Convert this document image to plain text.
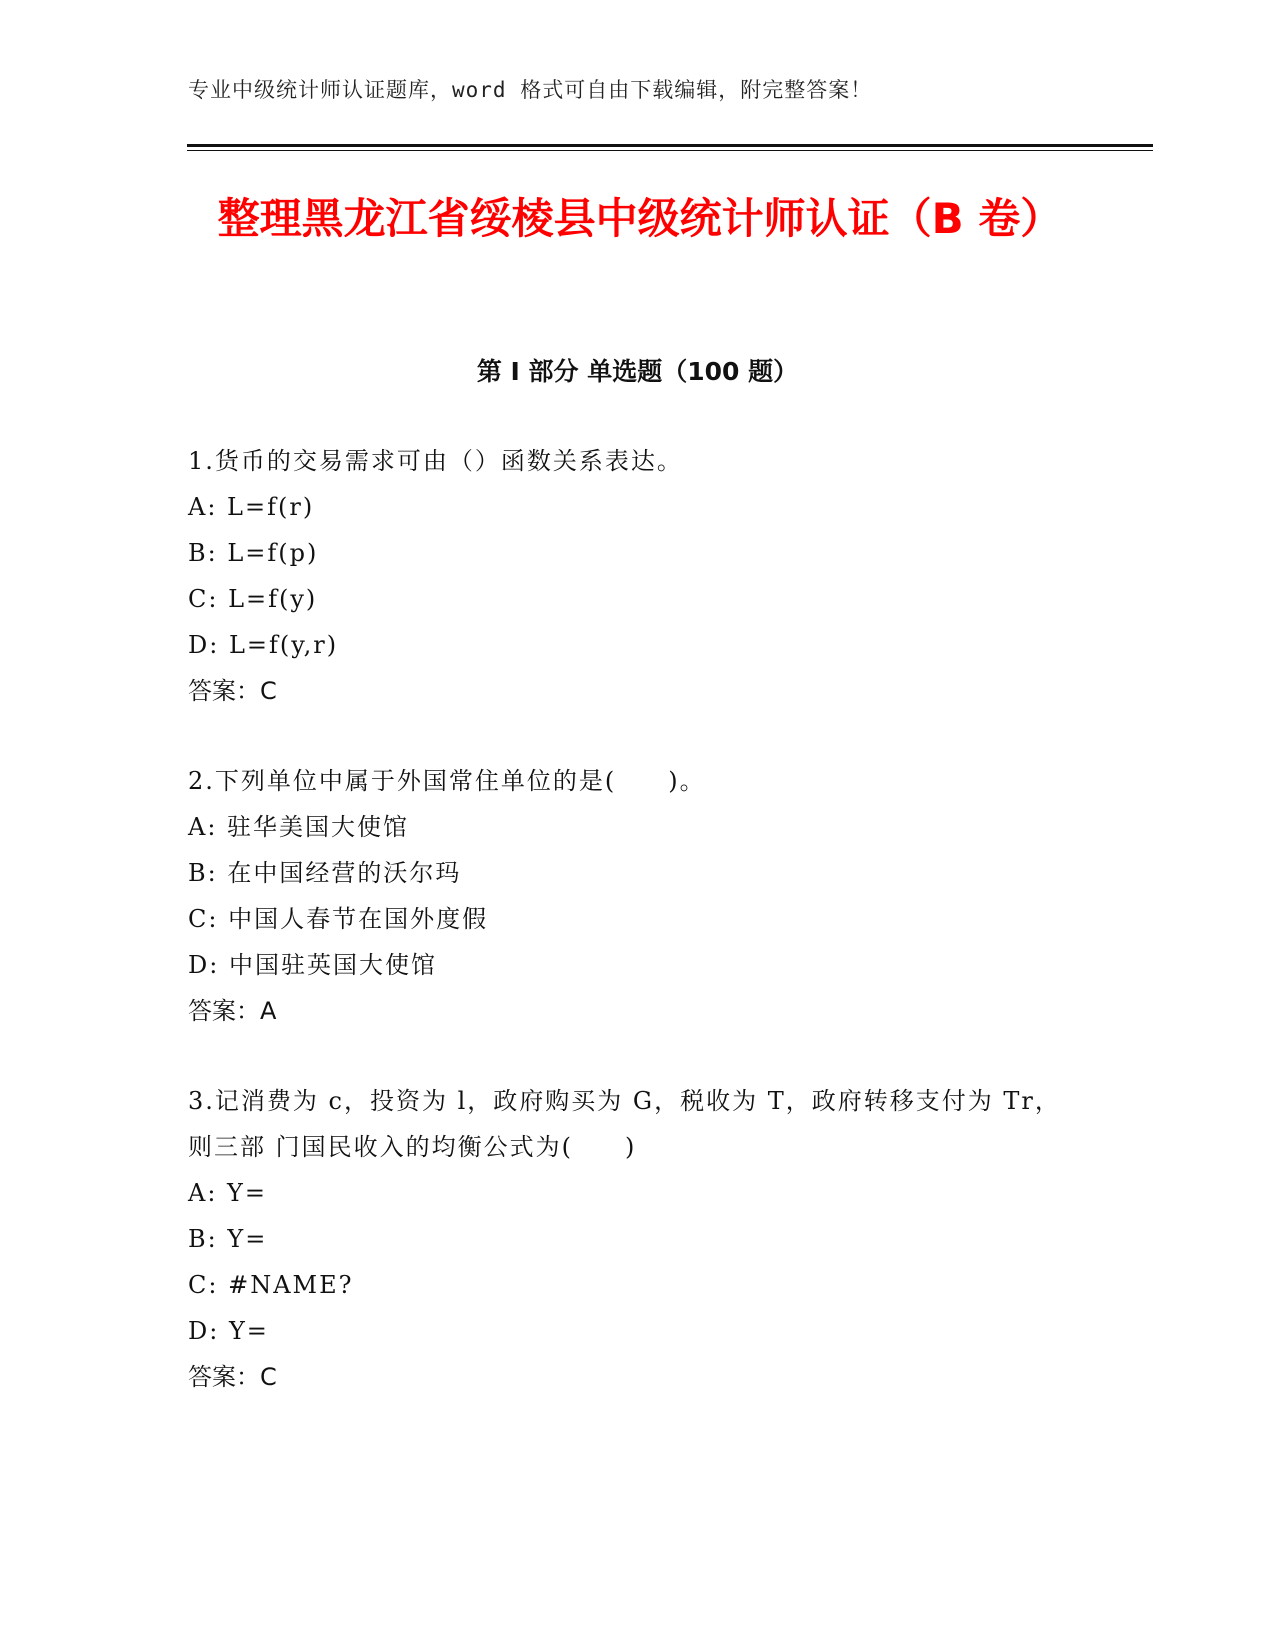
专业中级统计师认证题库，word 格式可自由下载编辑，附完整答案！
整理黑龙江省绥棱县中级统计师认证（B 卷）
第 I 部分 单选题（100 题）

1.货币的交易需求可由（）函数关系表达。

A: L=f(r)

B: L=f(p)

C: L=f(y)

D: L=f(y,r)

答案：C

2.下列单位中属于外国常住单位的是(　　)。

A: 驻华美国大使馆

B: 在中国经营的沃尔玛

C: 中国人春节在国外度假

D: 中国驻英国大使馆

答案：A

3.记消费为 c，投资为 l，政府购买为 G，税收为 T，政府转移支付为 Tr，则三部 门国民收入的均衡公式为(　　)

A: Y=

B: Y=

C: #NAME?

D: Y=

答案：C
